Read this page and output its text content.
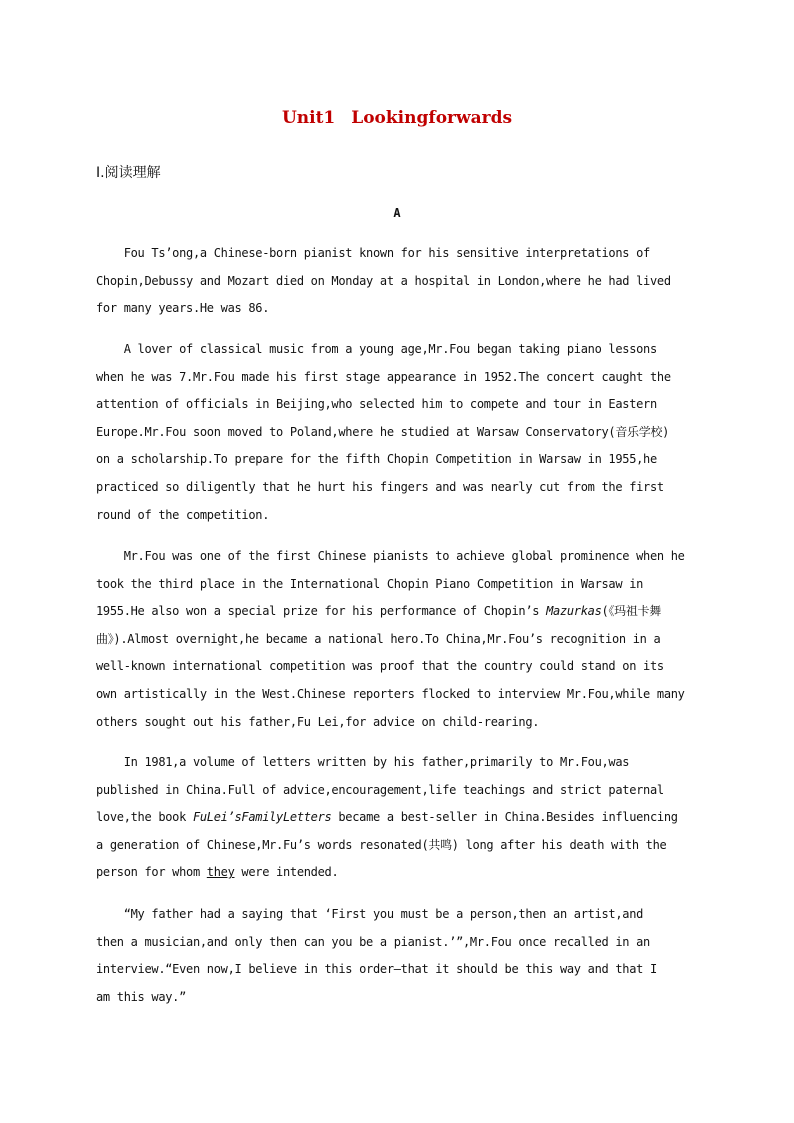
Unit1 Lookingforwards
Ⅰ.阅读理解
A
Fou Ts’ong,a Chinese-born pianist known for his sensitive interpretations of
Chopin,Debussy and Mozart died on Monday at a hospital in London,where he had lived
for many years.He was 86.
A lover of classical music from a young age,Mr.Fou began taking piano lessons
when he was 7.Mr.Fou made his first stage appearance in 1952.The concert caught the
attention of officials in Beijing,who selected him to compete and tour in Eastern
Europe.Mr.Fou soon moved to Poland,where he studied at Warsaw Conservatory(音乐学校)
on a scholarship.To prepare for the fifth Chopin Competition in Warsaw in 1955,he
practiced so diligently that he hurt his fingers and was nearly cut from the first
round of the competition.
Mr.Fou was one of the first Chinese pianists to achieve global prominence when he
took the third place in the International Chopin Piano Competition in Warsaw in
1955.He also won a special prize for his performance of Chopin’s Mazurkas(《玛祖卡舞
曲》).Almost overnight,he became a national hero.To China,Mr.Fou’s recognition in a
well-known international competition was proof that the country could stand on its
own artistically in the West.Chinese reporters flocked to interview Mr.Fou,while many
others sought out his father,Fu Lei,for advice on child-rearing.
In 1981,a volume of letters written by his father,primarily to Mr.Fou,was
published in China.Full of advice,encouragement,life teachings and strict paternal
love,the book FuLei’sFamilyLetters became a best-seller in China.Besides influencing
a generation of Chinese,Mr.Fu’s words resonated(共鸣) long after his death with the
person for whom they were intended.
“My father had a saying that ‘First you must be a person,then an artist,and
then a musician,and only then can you be a pianist.’”,Mr.Fou once recalled in an
interview.“Even now,I believe in this order—that it should be this way and that I
am this way.”
